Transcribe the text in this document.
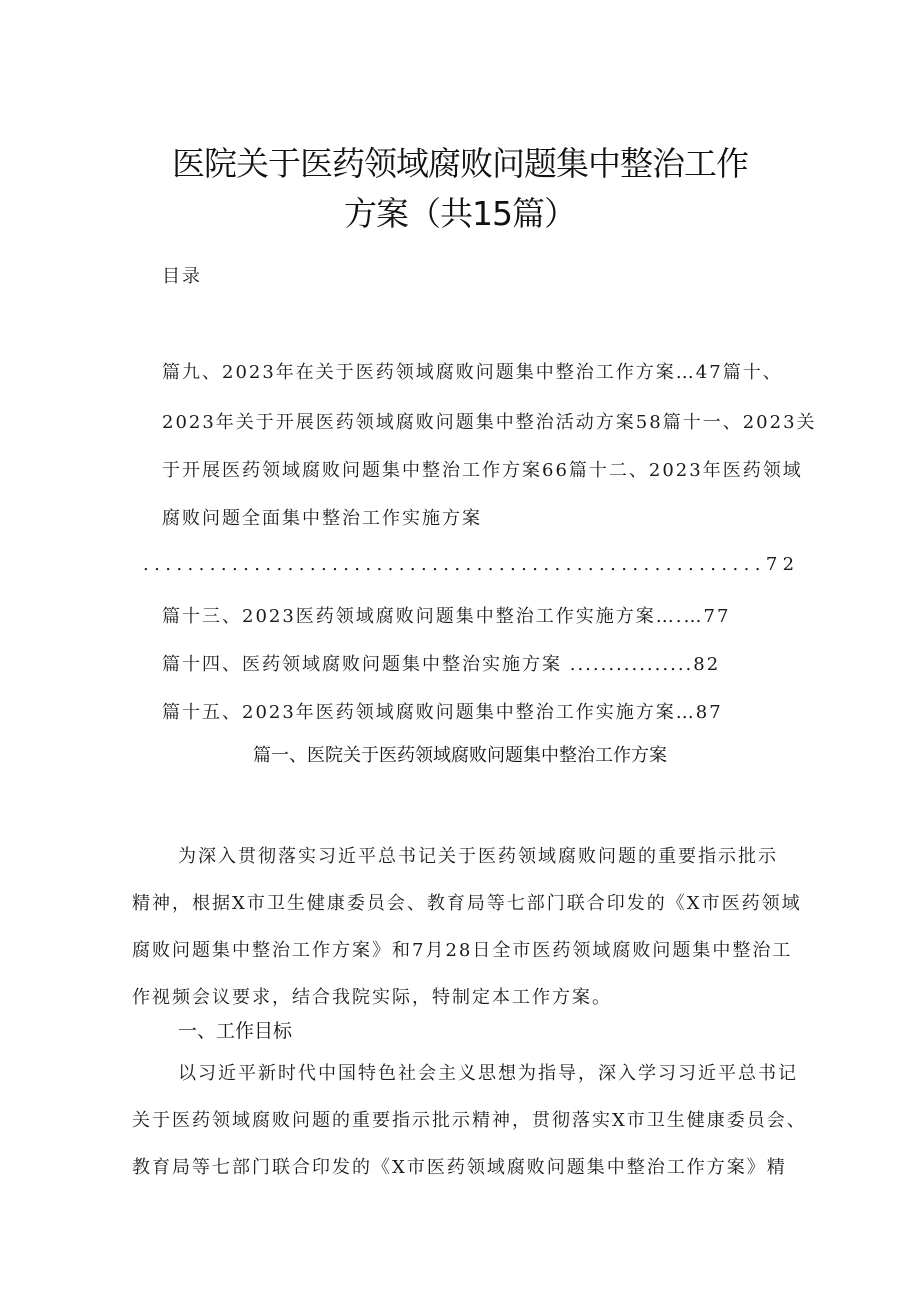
医院关于医药领域腐败问题集中整治工作
方案（共15篇）
目录
篇九、2023年在关于医药领域腐败问题集中整治工作方案…47篇十、
2023年关于开展医药领域腐败问题集中整治活动方案58篇十一、2023关
于开展医药领域腐败问题集中整治工作方案66篇十二、2023年医药领域
腐败问题全面集中整治工作实施方案
........................................................72
篇十三、2023医药领域腐败问题集中整治工作实施方案….…77
篇十四、医药领域腐败问题集中整治实施方案 ................82
篇十五、2023年医药领域腐败问题集中整治工作实施方案…87
篇一、医院关于医药领域腐败问题集中整治工作方案
为深入贯彻落实习近平总书记关于医药领域腐败问题的重要指示批示
精神，根据X市卫生健康委员会、教育局等七部门联合印发的《X市医药领域
腐败问题集中整治工作方案》和7月28日全市医药领域腐败问题集中整治工
作视频会议要求，结合我院实际，特制定本工作方案。
一、工作目标
以习近平新时代中国特色社会主义思想为指导，深入学习习近平总书记
关于医药领域腐败问题的重要指示批示精神，贯彻落实X市卫生健康委员会、
教育局等七部门联合印发的《X市医药领域腐败问题集中整治工作方案》精
